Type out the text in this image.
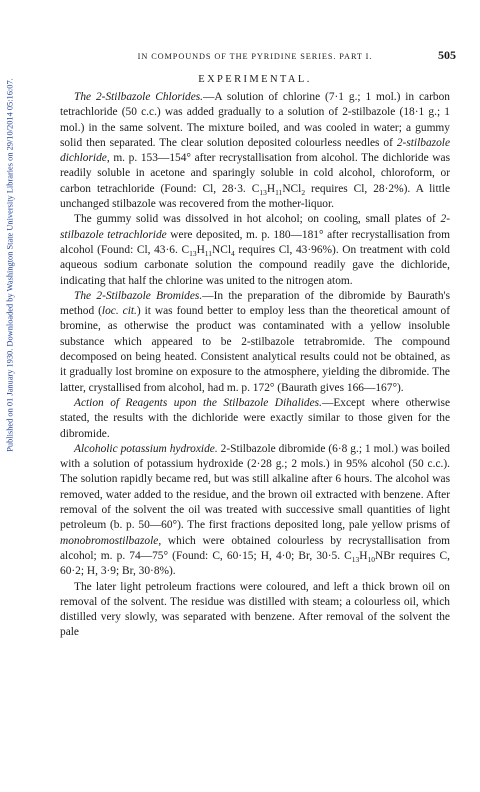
Published on 01 January 1930. Downloaded by Washington State University Libraries on 29/10/2014 05:16:07.
IN COMPOUNDS OF THE PYRIDINE SERIES. PART I.	505
EXPERIMENTAL.

The 2-Stilbazole Chlorides.—A solution of chlorine (7·1 g.; 1 mol.) in carbon tetrachloride (50 c.c.) was added gradually to a solution of 2-stilbazole (18·1 g.; 1 mol.) in the same solvent. The mixture boiled, and was cooled in water; a gummy solid then separated. The clear solution deposited colourless needles of 2-stilbazole dichloride, m. p. 153—154° after recrystallisation from alcohol. The dichloride was readily soluble in acetone and sparingly soluble in cold alcohol, chloroform, or carbon tetrachloride (Found: Cl, 28·3. $C_{13}H_{11}NCl_2$ requires Cl, 28·2%). A little unchanged stilbazole was recovered from the mother-liquor.

The gummy solid was dissolved in hot alcohol; on cooling, small plates of 2-stilbazole tetrachloride were deposited, m. p. 180—181° after recrystallisation from alcohol (Found: Cl, 43·6. $C_{13}H_{11}NCl_4$ requires Cl, 43·96%). On treatment with cold aqueous sodium carbonate solution the compound readily gave the dichloride, indicating that half the chlorine was united to the nitrogen atom.

The 2-Stilbazole Bromides.—In the preparation of the dibromide by Baurath's method (loc. cit.) it was found better to employ less than the theoretical amount of bromine, as otherwise the product was contaminated with a yellow insoluble substance which appeared to be 2-stilbazole tetrabromide. The compound decomposed on being heated. Consistent analytical results could not be obtained, as it gradually lost bromine on exposure to the atmosphere, yielding the dibromide. The latter, crystallised from alcohol, had m. p. 172° (Baurath gives 166—167°).

Action of Reagents upon the Stilbazole Dihalides.—Except where otherwise stated, the results with the dichloride were exactly similar to those given for the dibromide.

Alcoholic potassium hydroxide. 2-Stilbazole dibromide (6·8 g.; 1 mol.) was boiled with a solution of potassium hydroxide (2·28 g.; 2 mols.) in 95% alcohol (50 c.c.). The solution rapidly became red, but was still alkaline after 6 hours. The alcohol was removed, water added to the residue, and the brown oil extracted with benzene. After removal of the solvent the oil was treated with successive small quantities of light petroleum (b. p. 50—60°). The first fractions deposited long, pale yellow prisms of monobromostilbazole, which were obtained colourless by recrystallisation from alcohol; m. p. 74—75° (Found: C, 60·15; H, 4·0; Br, 30·5. $C_{13}H_{10}NBr$ requires C, 60·2; H, 3·9; Br, 30·8%).

The later light petroleum fractions were coloured, and left a thick brown oil on removal of the solvent. The residue was distilled with steam; a colourless oil, which distilled very slowly, was separated with benzene. After removal of the solvent the pale
